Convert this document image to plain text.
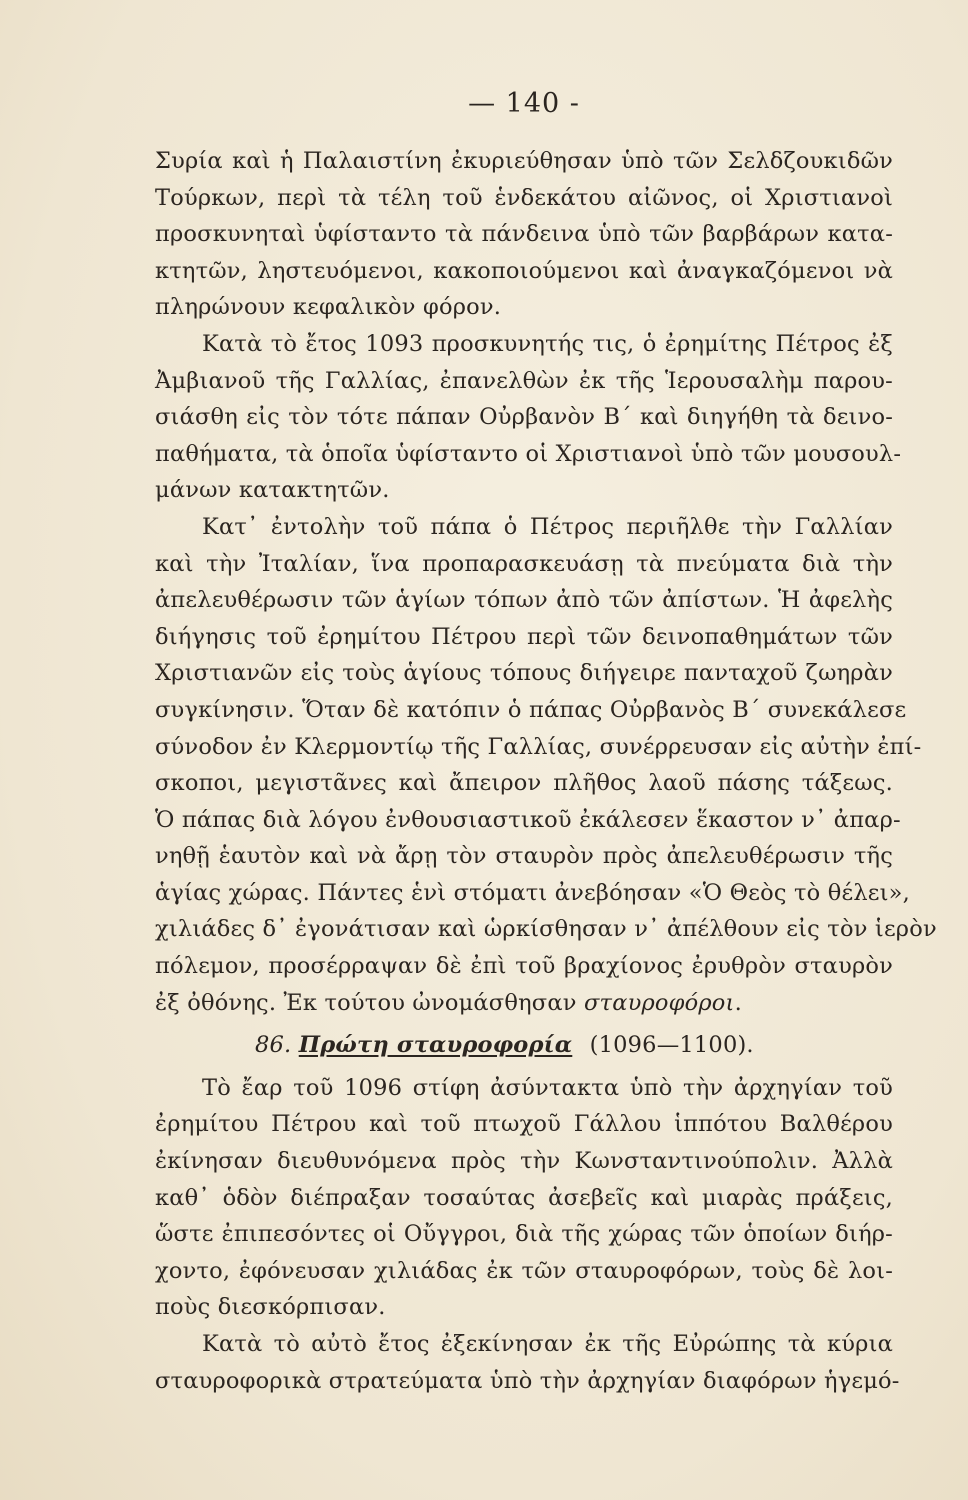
— 140 -
Συρία καὶ ἡ Παλαιστίνη ἐκυριεύθησαν ὑπὸ τῶν Σελδζουκιδῶν
Τούρκων, περὶ τὰ τέλη τοῦ ἑνδεκάτου αἰῶνος, οἱ Χριστιανοὶ
προσκυνηταὶ ὑφίσταντο τὰ πάνδεινα ὑπὸ τῶν βαρβάρων κατα-
κτητῶν, ληστευόμενοι, κακοποιούμενοι καὶ ἀναγκαζόμενοι νὰ
πληρώνουν κεφαλικὸν φόρον.
Κατὰ τὸ ἔτος 1093 προσκυνητής τις, ὁ ἐρημίτης Πέτρος ἐξ
Ἀμβιανοῦ τῆς Γαλλίας, ἐπανελθὼν ἐκ τῆς Ἱερουσαλὴμ παρου-
σιάσθη εἰς τὸν τότε πάπαν Οὐρβανὸν Β΄ καὶ διηγήθη τὰ δεινο-
παθήματα, τὰ ὁποῖα ὑφίσταντο οἱ Χριστιανοὶ ὑπὸ τῶν μουσουλ-
μάνων κατακτητῶν.
Κατ᾽ ἐντολὴν τοῦ πάπα ὁ Πέτρος περιῆλθε τὴν Γαλλίαν
καὶ τὴν Ἰταλίαν, ἵνα προπαρασκευάσῃ τὰ πνεύματα διὰ τὴν
ἀπελευθέρωσιν τῶν ἁγίων τόπων ἀπὸ τῶν ἀπίστων. Ἡ ἀφελὴς
διήγησις τοῦ ἐρημίτου Πέτρου περὶ τῶν δεινοπαθημάτων τῶν
Χριστιανῶν εἰς τοὺς ἁγίους τόπους διήγειρε πανταχοῦ ζωηρὰν
συγκίνησιν. Ὅταν δὲ κατόπιν ὁ πάπας Οὐρβανὸς Β΄ συνεκάλεσε
σύνοδον ἐν Κλερμοντίῳ τῆς Γαλλίας, συνέρρευσαν εἰς αὐτὴν ἐπί-
σκοποι, μεγιστᾶνες καὶ ἄπειρον πλῆθος λαοῦ πάσης τάξεως.
Ὁ πάπας διὰ λόγου ἐνθουσιαστικοῦ ἐκάλεσεν ἕκαστον ν᾽ ἀπαρ-
νηθῇ ἑαυτὸν καὶ νὰ ἄρῃ τὸν σταυρὸν πρὸς ἀπελευθέρωσιν τῆς
ἁγίας χώρας. Πάντες ἑνὶ στόματι ἀνεβόησαν «Ὁ Θεὸς τὸ θέλει»,
χιλιάδες δ᾽ ἐγονάτισαν καὶ ὡρκίσθησαν ν᾽ ἀπέλθουν εἰς τὸν ἱερὸν
πόλεμον, προσέρραψαν δὲ ἐπὶ τοῦ βραχίονος ἐρυθρὸν σταυρὸν
ἐξ ὀθόνης. Ἐκ τούτου ὠνομάσθησαν σταυροφόροι.
86. Πρώτη σταυροφορία (1096—1100).
Τὸ ἔαρ τοῦ 1096 στίφη ἀσύντακτα ὑπὸ τὴν ἀρχηγίαν τοῦ
ἐρημίτου Πέτρου καὶ τοῦ πτωχοῦ Γάλλου ἱππότου Βαλθέρου
ἐκίνησαν διευθυνόμενα πρὸς τὴν Κωνσταντινούπολιν. Ἀλλὰ
καθ᾽ ὁδὸν διέπραξαν τοσαύτας ἀσεβεῖς καὶ μιαρὰς πράξεις,
ὥστε ἐπιπεσόντες οἱ Οὔγγροι, διὰ τῆς χώρας τῶν ὁποίων διήρ-
χοντο, ἐφόνευσαν χιλιάδας ἐκ τῶν σταυροφόρων, τοὺς δὲ λοι-
ποὺς διεσκόρπισαν.
Κατὰ τὸ αὐτὸ ἔτος ἐξεκίνησαν ἐκ τῆς Εὐρώπης τὰ κύρια
σταυροφορικὰ στρατεύματα ὑπὸ τὴν ἀρχηγίαν διαφόρων ἡγεμό-
